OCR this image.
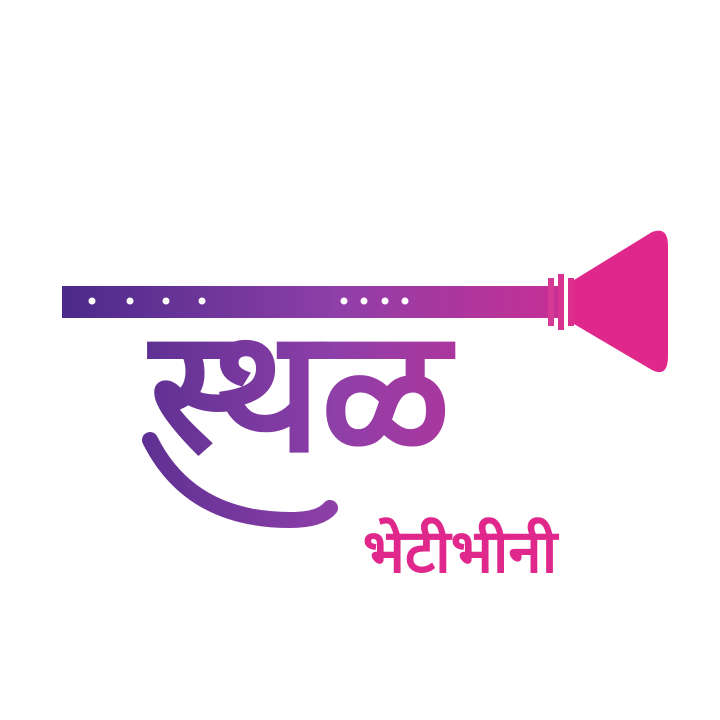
स्थळ
भेटीभीनी
